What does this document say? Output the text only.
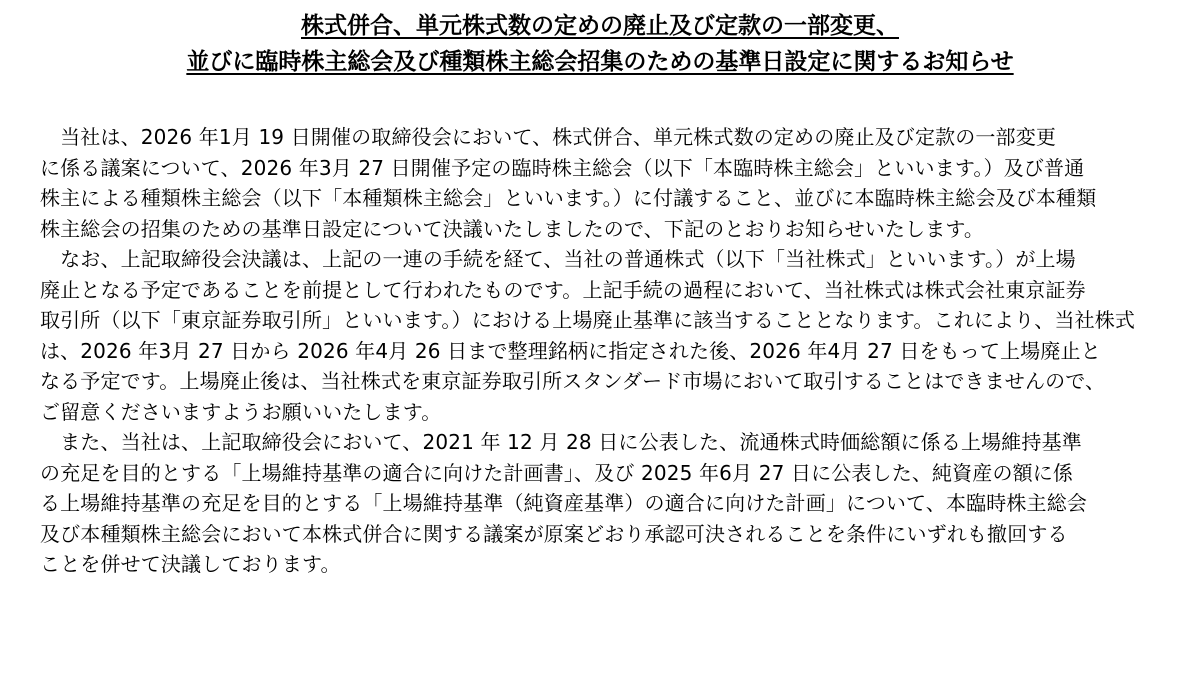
株式併合、単元株式数の定めの廃止及び定款の一部変更、
並びに臨時株主総会及び種類株主総会招集のための基準日設定に関するお知らせ
　当社は、2026 年1月 19 日開催の取締役会において、株式併合、単元株式数の定めの廃止及び定款の一部変更
に係る議案について、2026 年3月 27 日開催予定の臨時株主総会（以下「本臨時株主総会」といいます。）及び普通
株主による種類株主総会（以下「本種類株主総会」といいます。）に付議すること、並びに本臨時株主総会及び本種類
株主総会の招集のための基準日設定について決議いたしましたので、下記のとおりお知らせいたします。
　なお、上記取締役会決議は、上記の一連の手続を経て、当社の普通株式（以下「当社株式」といいます。）が上場
廃止となる予定であることを前提として行われたものです。上記手続の過程において、当社株式は株式会社東京証券
取引所（以下「東京証券取引所」といいます。）における上場廃止基準に該当することとなります。これにより、当社株式
は、2026 年3月 27 日から 2026 年4月 26 日まで整理銘柄に指定された後、2026 年4月 27 日をもって上場廃止と
なる予定です。上場廃止後は、当社株式を東京証券取引所スタンダード市場において取引することはできませんので、
ご留意くださいますようお願いいたします。
　また、当社は、上記取締役会において、2021 年 12 月 28 日に公表した、流通株式時価総額に係る上場維持基準
の充足を目的とする「上場維持基準の適合に向けた計画書」、及び 2025 年6月 27 日に公表した、純資産の額に係
る上場維持基準の充足を目的とする「上場維持基準（純資産基準）の適合に向けた計画」について、本臨時株主総会
及び本種類株主総会において本株式併合に関する議案が原案どおり承認可決されることを条件にいずれも撤回する
ことを併せて決議しております。
